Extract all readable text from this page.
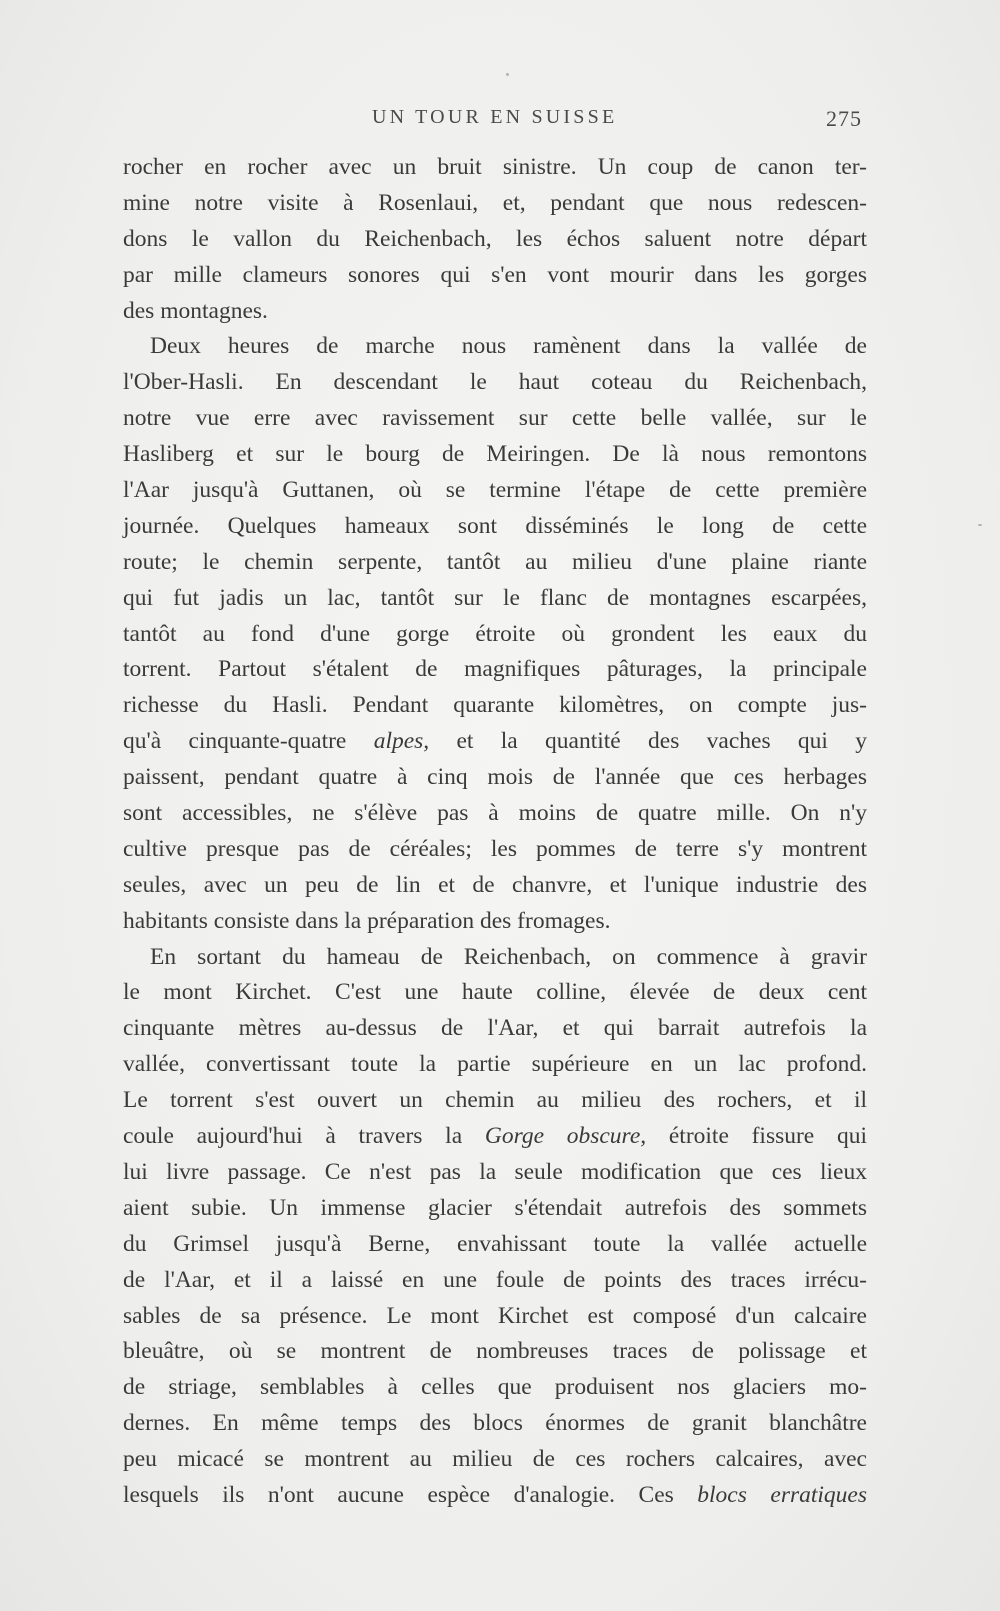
UN TOUR EN SUISSE	275
rocher en rocher avec un bruit sinistre. Un coup de canon ter-
mine notre visite à Rosenlaui, et, pendant que nous redescen-
dons le vallon du Reichenbach, les échos saluent notre départ
par mille clameurs sonores qui s'en vont mourir dans les gorges
des montagnes.
Deux heures de marche nous ramènent dans la vallée de
l'Ober-Hasli. En descendant le haut coteau du Reichenbach,
notre vue erre avec ravissement sur cette belle vallée, sur le
Hasliberg et sur le bourg de Meiringen. De là nous remontons
l'Aar jusqu'à Guttanen, où se termine l'étape de cette première
journée. Quelques hameaux sont disséminés le long de cette
route; le chemin serpente, tantôt au milieu d'une plaine riante
qui fut jadis un lac, tantôt sur le flanc de montagnes escarpées,
tantôt au fond d'une gorge étroite où grondent les eaux du
torrent. Partout s'étalent de magnifiques pâturages, la principale
richesse du Hasli. Pendant quarante kilomètres, on compte jus-
qu'à cinquante-quatre alpes, et la quantité des vaches qui y
paissent, pendant quatre à cinq mois de l'année que ces herbages
sont accessibles, ne s'élève pas à moins de quatre mille. On n'y
cultive presque pas de céréales; les pommes de terre s'y montrent
seules, avec un peu de lin et de chanvre, et l'unique industrie des
habitants consiste dans la préparation des fromages.
En sortant du hameau de Reichenbach, on commence à gravir
le mont Kirchet. C'est une haute colline, élevée de deux cent
cinquante mètres au-dessus de l'Aar, et qui barrait autrefois la
vallée, convertissant toute la partie supérieure en un lac profond.
Le torrent s'est ouvert un chemin au milieu des rochers, et il
coule aujourd'hui à travers la Gorge obscure, étroite fissure qui
lui livre passage. Ce n'est pas la seule modification que ces lieux
aient subie. Un immense glacier s'étendait autrefois des sommets
du Grimsel jusqu'à Berne, envahissant toute la vallée actuelle
de l'Aar, et il a laissé en une foule de points des traces irrécu-
sables de sa présence. Le mont Kirchet est composé d'un calcaire
bleuâtre, où se montrent de nombreuses traces de polissage et
de striage, semblables à celles que produisent nos glaciers mo-
dernes. En même temps des blocs énormes de granit blanchâtre
peu micacé se montrent au milieu de ces rochers calcaires, avec
lesquels ils n'ont aucune espèce d'analogie. Ces blocs erratiques
